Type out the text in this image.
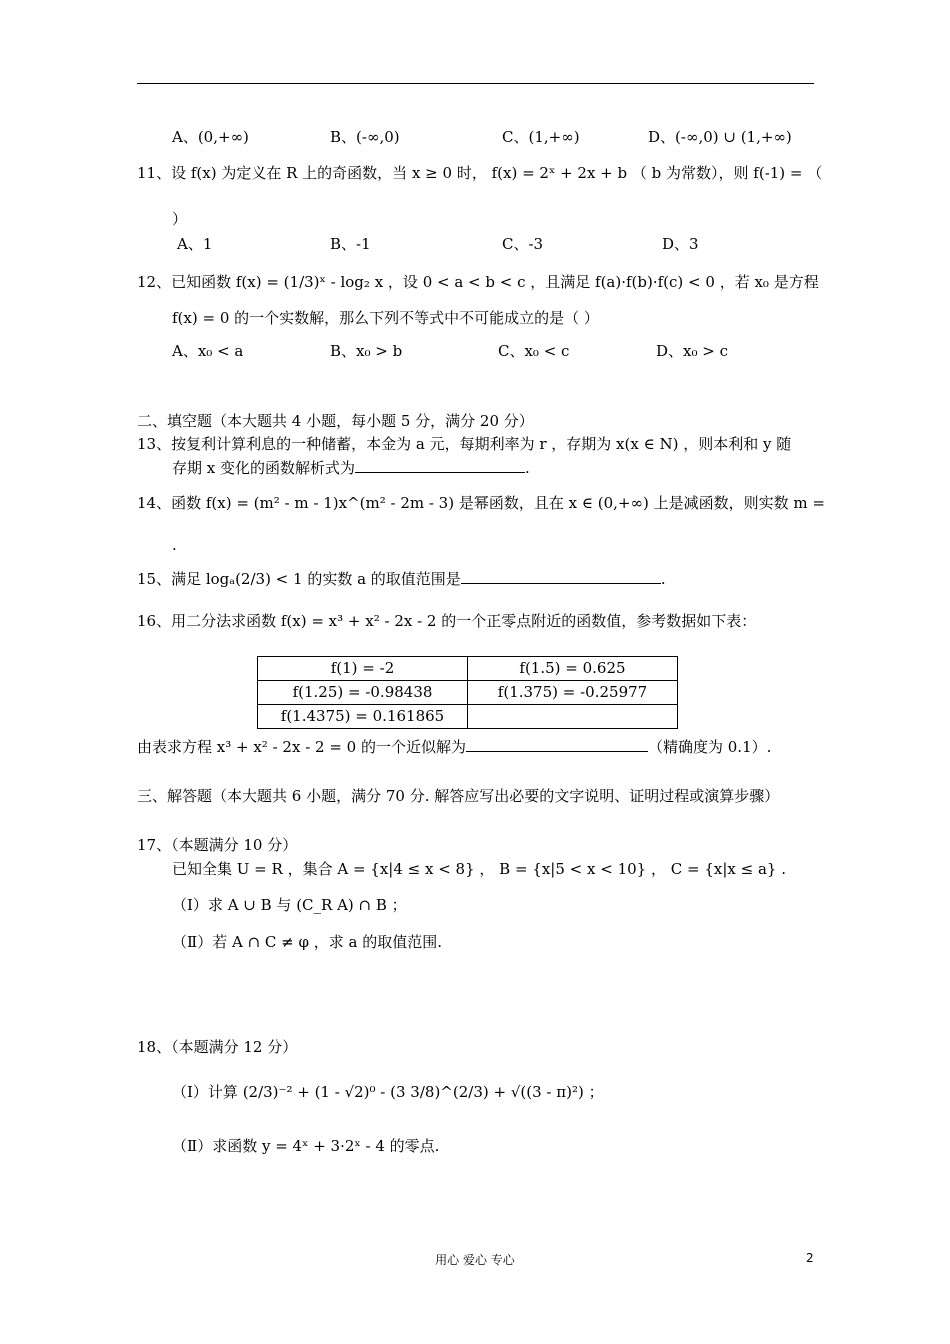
A、(0,+∞)	B、(-∞,0)	C、(1,+∞)	D、(-∞,0) ∪ (1,+∞)
11、设 f(x) 为定义在 R 上的奇函数，当 x ≥ 0 时， f(x) = 2ˣ + 2x + b （ b 为常数），则 f(-1) = （
）
A、1	B、-1	C、-3	D、3
12、已知函数 f(x) = (1/3)ˣ - log₂ x ，设 0 < a < b < c ，且满足 f(a)·f(b)·f(c) < 0 ，若 x₀ 是方程
f(x) = 0 的一个实数解，那么下列不等式中不可能成立的是（ ）
A、x₀ < a	B、x₀ > b	C、x₀ < c	D、x₀ > c
二、填空题（本大题共 4 小题，每小题 5 分，满分 20 分）
13、按复利计算利息的一种储蓄，本金为 a 元，每期利率为 r ，存期为 x(x ∈ N) ，则本利和 y 随
存期 x 变化的函数解析式为	.
14、函数 f(x) = (m² - m - 1)x^(m² - 2m - 3) 是幂函数，且在 x ∈ (0,+∞) 上是减函数，则实数 m =
.
15、满足 logₐ(2/3) < 1 的实数 a 的取值范围是	.
16、用二分法求函数 f(x) = x³ + x² - 2x - 2 的一个正零点附近的函数值，参考数据如下表：
f(1) = -2	f(1.5) = 0.625
f(1.25) = -0.98438	f(1.375) = -0.25977
f(1.4375) = 0.161865	
由表求方程 x³ + x² - 2x - 2 = 0 的一个近似解为	（精确度为 0.1）.
三、解答题（本大题共 6 小题，满分 70 分. 解答应写出必要的文字说明、证明过程或演算步骤）
17、（本题满分 10 分）
已知全集 U = R ，集合 A = {x|4 ≤ x < 8} ， B = {x|5 < x < 10} ， C = {x|x ≤ a} .
（Ⅰ）求 A ∪ B 与 (C_R A) ∩ B ；
（Ⅱ）若 A ∩ C ≠ φ ，求 a 的取值范围.
18、（本题满分 12 分）
（Ⅰ）计算 (2/3)⁻² + (1 - √2)⁰ - (3 3/8)^(2/3) + √((3 - π)²) ；
（Ⅱ）求函数 y = 4ˣ + 3·2ˣ - 4 的零点.
用心 爱心 专心	2
